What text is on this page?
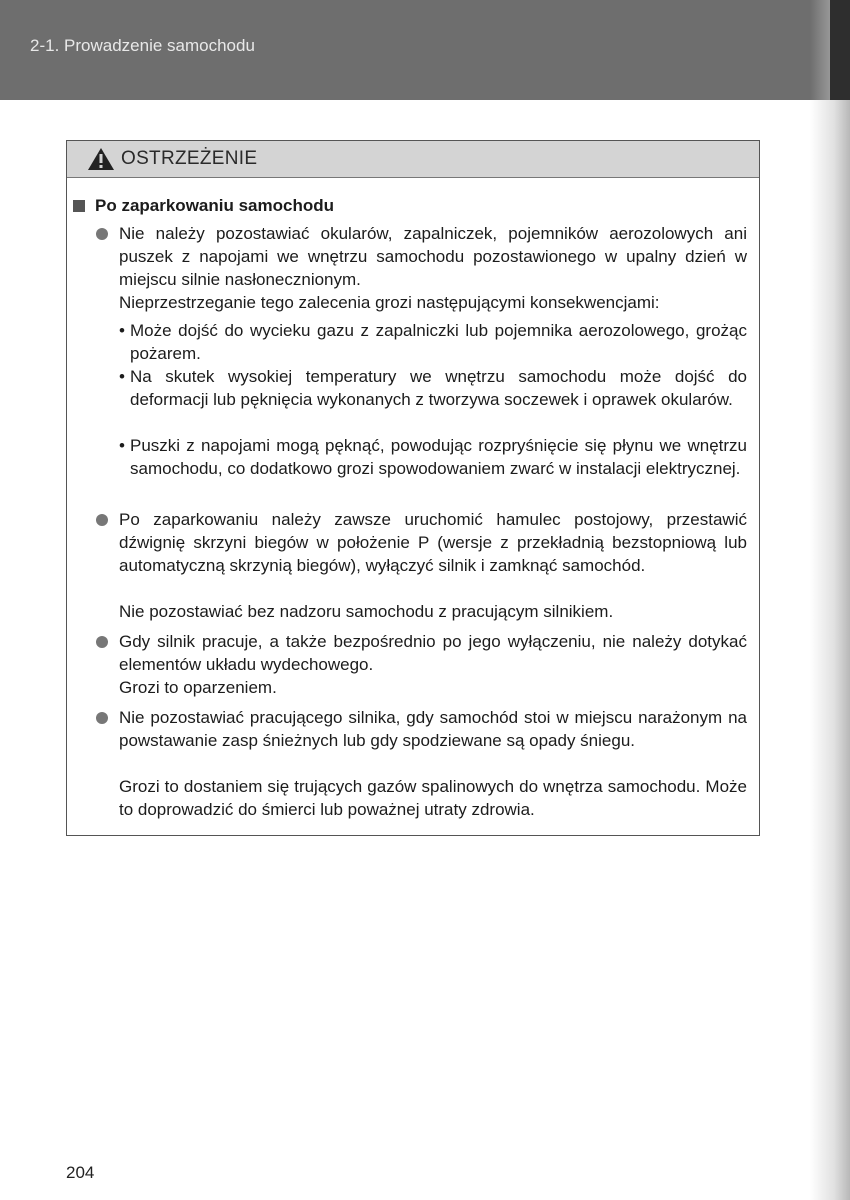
2-1. Prowadzenie samochodu
OSTRZEŻENIE
Po zaparkowaniu samochodu
Nie należy pozostawiać okularów, zapalniczek, pojemników aerozolowych ani puszek z napojami we wnętrzu samochodu pozostawionego w upalny dzień w miejscu silnie nasłonecznionym.
Nieprzestrzeganie tego zalecenia grozi następującymi konsekwencjami:
• Może dojść do wycieku gazu z zapalniczki lub pojemnika aerozolowego, grożąc pożarem.
• Na skutek wysokiej temperatury we wnętrzu samochodu może dojść do deformacji lub pęknięcia wykonanych z tworzywa soczewek i oprawek okularów.
• Puszki z napojami mogą pęknąć, powodując rozpryśnięcie się płynu we wnętrzu samochodu, co dodatkowo grozi spowodowaniem zwarć w instalacji elektrycznej.
Po zaparkowaniu należy zawsze uruchomić hamulec postojowy, przestawić dźwignię skrzyni biegów w położenie P (wersje z przekładnią bezstopniową lub automatyczną skrzynią biegów), wyłączyć silnik i zamknąć samochód.
Nie pozostawiać bez nadzoru samochodu z pracującym silnikiem.
Gdy silnik pracuje, a także bezpośrednio po jego wyłączeniu, nie należy dotykać elementów układu wydechowego.
Grozi to oparzeniem.
Nie pozostawiać pracującego silnika, gdy samochód stoi w miejscu narażonym na powstawanie zasp śnieżnych lub gdy spodziewane są opady śniegu.
Grozi to dostaniem się trujących gazów spalinowych do wnętrza samochodu. Może to doprowadzić do śmierci lub poważnej utraty zdrowia.
204
